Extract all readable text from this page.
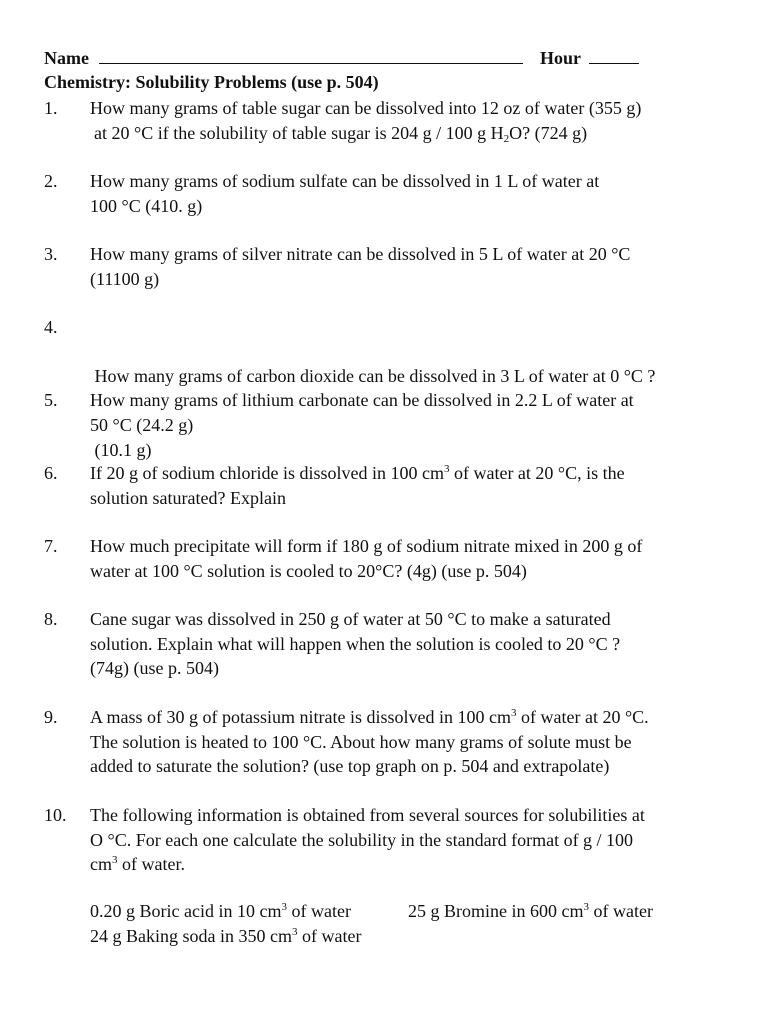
Name	Hour
Chemistry: Solubility Problems (use p. 504)
1. How many grams of table sugar can be dissolved into 12 oz of water (355 g)
at 20 °C if the solubility of table sugar is 204 g / 100 g $H_2O$? (724 g)
2. How many grams of sodium sulfate can be dissolved in 1 L of water at
100 °C (410. g)
3. How many grams of silver nitrate can be dissolved in 5 L of water at 20 °C
(11100 g)
4.

How many grams of carbon dioxide can be dissolved in 3 L of water at 0 °C ?

(10.1 g)

5. How many grams of lithium carbonate can be dissolved in 2.2 L of water at
50 °C (24.2 g)
6. If 20 g of sodium chloride is dissolved in 100 $cm^3$ of water at 20 °C, is the
solution saturated? Explain
7. How much precipitate will form if 180 g of sodium nitrate mixed in 200 g of
water at 100 °C solution is cooled to 20°C? (4g) (use p. 504)
8. Cane sugar was dissolved in 250 g of water at 50 °C to make a saturated
solution. Explain what will happen when the solution is cooled to 20 °C ?
(74g) (use p. 504)
9. A mass of 30 g of potassium nitrate is dissolved in 100 $cm^3$ of water at 20 °C.
The solution is heated to 100 °C. About how many grams of solute must be
added to saturate the solution? (use top graph on p. 504 and extrapolate)
10. The following information is obtained from several sources for solubilities at
O °C. For each one calculate the solubility in the standard format of g / 100
$cm^3$ of water.
0.20 g Boric acid in 10 $cm^3$ of water	25 g Bromine in 600 $cm^3$ of water
24 g Baking soda in 350 $cm^3$ of water
